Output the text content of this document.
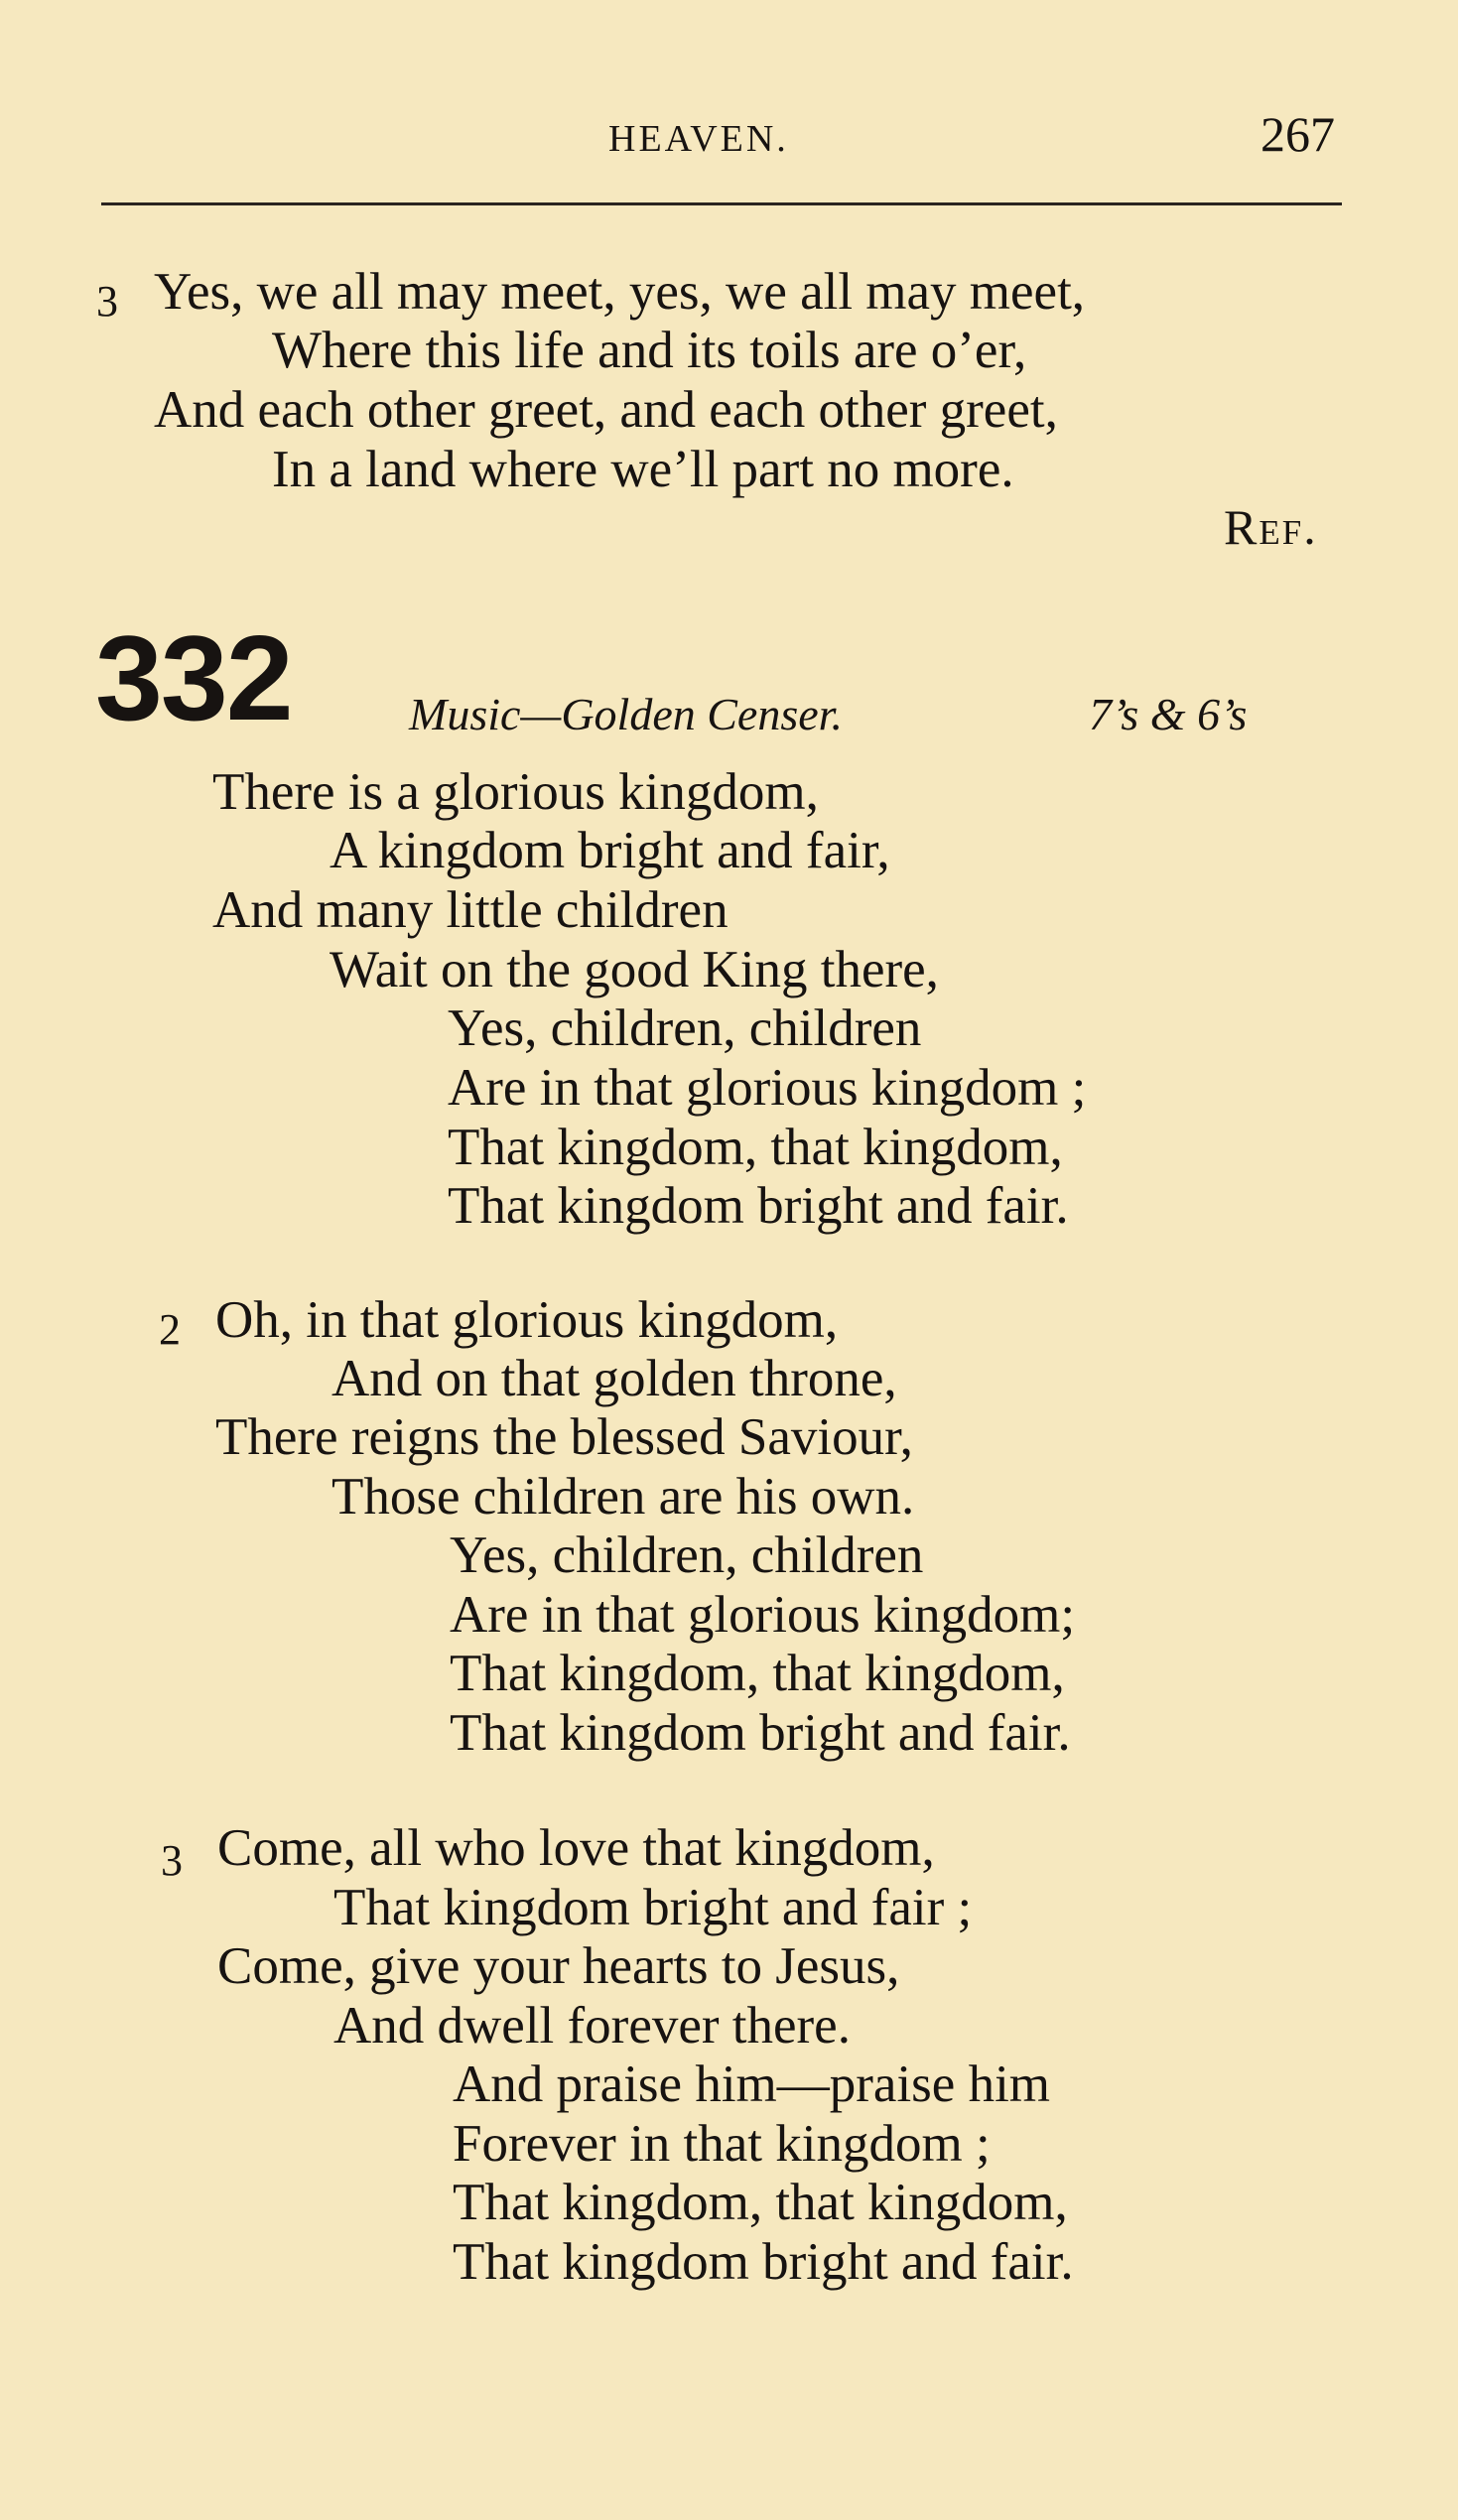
HEAVEN.	267
3 Yes, we all may meet, yes, we all may meet,
Where this life and its toils are o’er,
And each other greet, and each other greet,
In a land where we’ll part no more.
Ref.
332	Music—Golden Censer.	7’s & 6’s
There is a glorious kingdom,
A kingdom bright and fair,
And many little children
Wait on the good King there,
Yes, children, children
Are in that glorious kingdom ;
That kingdom, that kingdom,
That kingdom bright and fair.
2 Oh, in that glorious kingdom,
And on that golden throne,
There reigns the blessed Saviour,
Those children are his own.
Yes, children, children
Are in that glorious kingdom;
That kingdom, that kingdom,
That kingdom bright and fair.
3 Come, all who love that kingdom,
That kingdom bright and fair ;
Come, give your hearts to Jesus,
And dwell forever there.
And praise him—praise him
Forever in that kingdom ;
That kingdom, that kingdom,
That kingdom bright and fair.
